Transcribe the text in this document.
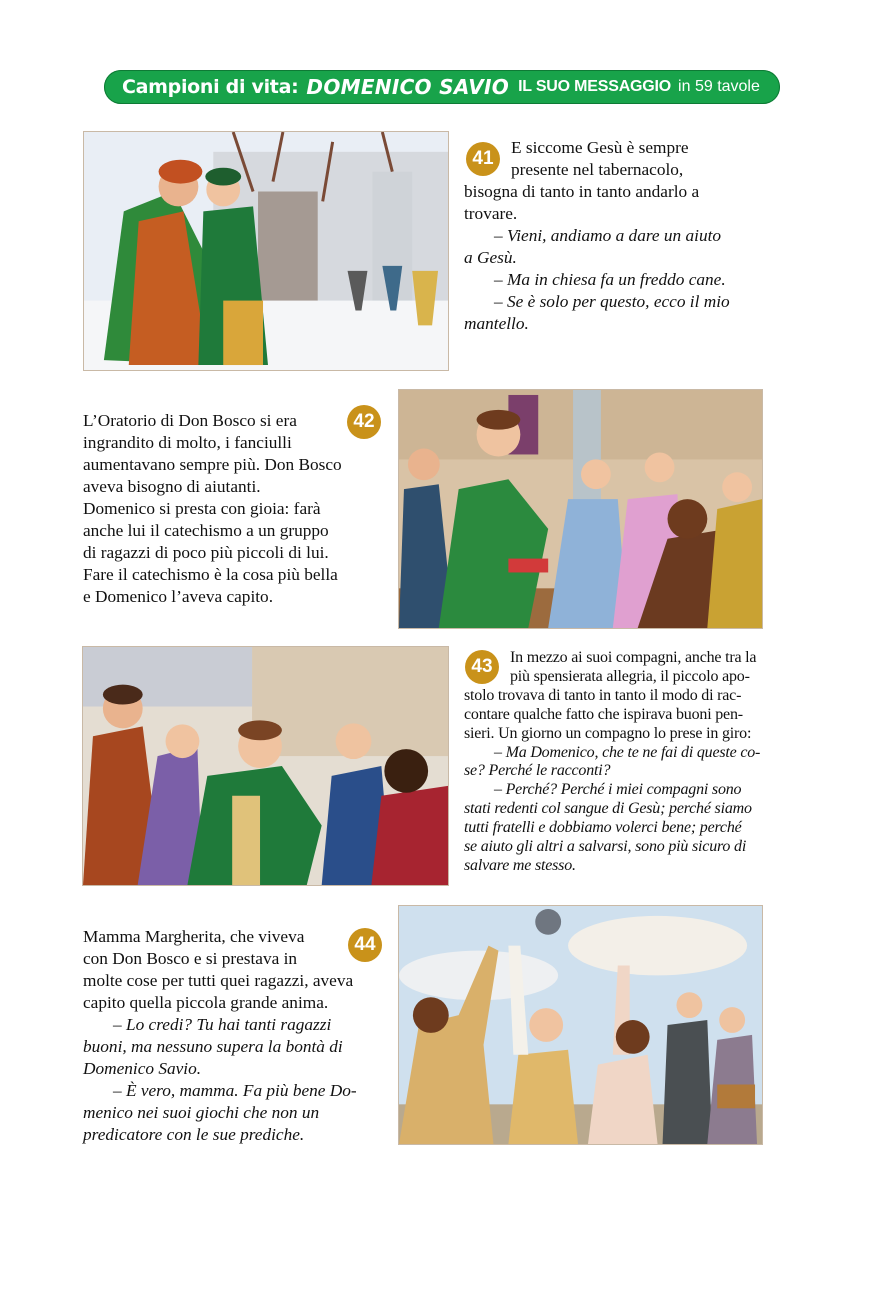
Campioni di vita: DOMENICO SAVIO IL SUO MESSAGGIO in 59 tavole
41

E siccome Gesù è sempre

presente nel tabernacolo,

bisogna di tanto in tanto andarlo a

trovare.

– Vieni, andiamo a dare un aiuto

a Gesù.

– Ma in chiesa fa un freddo cane.

– Se è solo per questo, ecco il mio

mantello.

L’Oratorio di Don Bosco si era

ingrandito di molto, i fanciulli

aumentavano sempre più. Don Bosco

aveva bisogno di aiutanti.

Domenico si presta con gioia: farà

anche lui il catechismo a un gruppo

di ragazzi di poco più piccoli di lui.

Fare il catechismo è la cosa più bella

e Domenico l’aveva capito.

42
43	In mezzo ai suoi compagni, anche tra la

più spensierata allegria, il piccolo apo-

stolo trovava di tanto in tanto il modo di rac-

contare qualche fatto che ispirava buoni pen-

sieri. Un giorno un compagno lo prese in giro:

– Ma Domenico, che te ne fai di queste co-

se? Perché le racconti?

– Perché? Perché i miei compagni sono

stati redenti col sangue di Gesù; perché siamo

tutti fratelli e dobbiamo volerci bene; perché

se aiuto gli altri a salvarsi, sono più sicuro di

salvare me stesso.

Mamma Margherita, che viveva

con Don Bosco e si prestava in

molte cose per tutti quei ragazzi, aveva

capito quella piccola grande anima.

– Lo credi? Tu hai tanti ragazzi

buoni, ma nessuno supera la bontà di

Domenico Savio.

– È vero, mamma. Fa più bene Do-

menico nei suoi giochi che non un

predicatore con le sue prediche.

44
